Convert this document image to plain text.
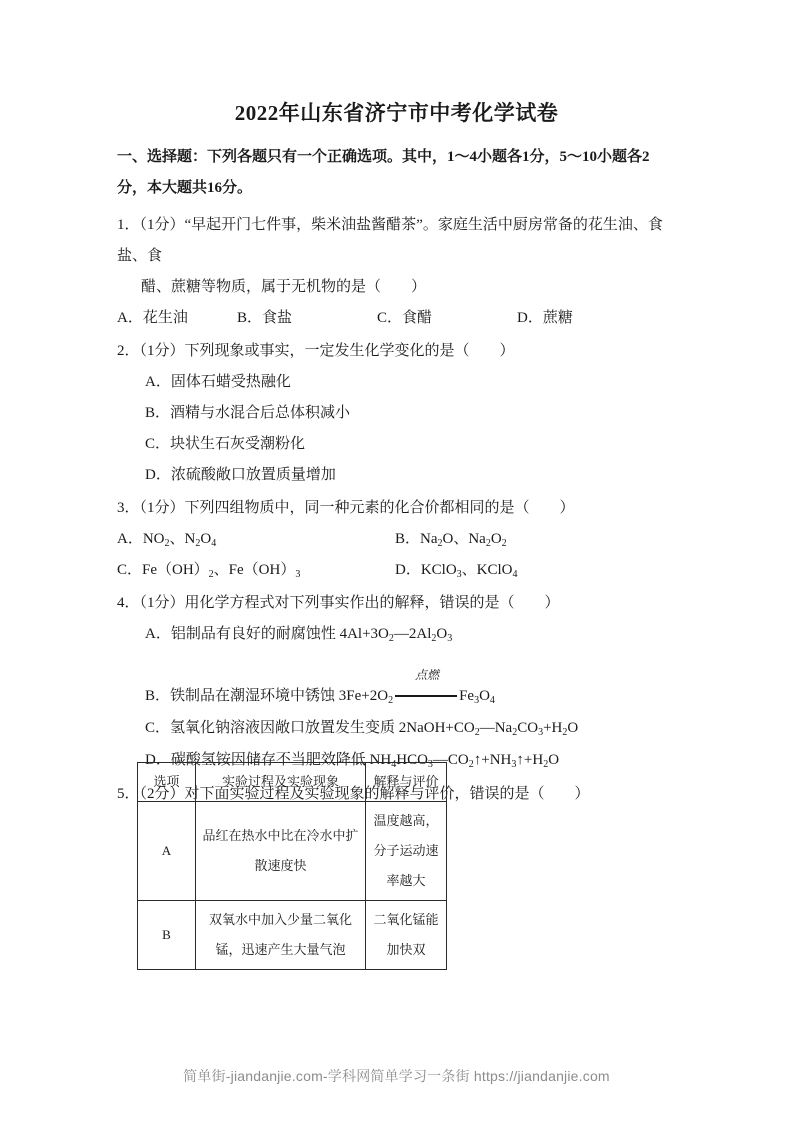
2022年山东省济宁市中考化学试卷
一、选择题：下列各题只有一个正确选项。其中，1～4小题各1分，5～10小题各2分，本大题共16分。
1．（1分）“早起开门七件事，柴米油盐酱醋茶”。家庭生活中厨房常备的花生油、食盐、食
醋、蔗糖等物质，属于无机物的是（　　）
A．花生油	B．食盐	C．食醋	D．蔗糖
2．（1分）下列现象或事实，一定发生化学变化的是（　　）
A．固体石蜡受热融化
B．酒精与水混合后总体积减小
C．块状生石灰受潮粉化
D．浓硫酸敞口放置质量增加
3．（1分）下列四组物质中，同一种元素的化合价都相同的是（　　）
A．$NO_2$、$N_2O_4$	B．$Na_2O$、$Na_2O_2$
C．$Fe(OH)_2$、$Fe(OH)_3$	D．KClO$_3$、KClO$_4$
4．（1分）用化学方程式对下列事实作出的解释，错误的是（　　）
A．铝制品有良好的耐腐蚀性 $4Al+3O_2—2Al_2O_3$
B．铁制品在潮湿环境中锈蚀 $3Fe+2O_2$
点燃
$Fe_3O_4$
C．氢氧化钠溶液因敞口放置发生变质 $2NaOH+CO_2—Na_2CO_3+H_2O$
D．碳酸氢铵因储存不当肥效降低 $NH_4HCO_3—CO_2↑+NH_3↑+H_2O$
5．（2分）对下面实验过程及实验现象的解释与评价，错误的是（　　）
选项	实验过程及实验现象	解释与评价
A	品红在热水中比在冷水中扩散速度快	温度越高，分子运动速率越大
B	双氧水中加入少量二氧化锰，迅速产生大量气泡	二氧化锰能加快双
简单街-jiandanjie.com-学科网简单学习一条街 https://jiandanjie.com
